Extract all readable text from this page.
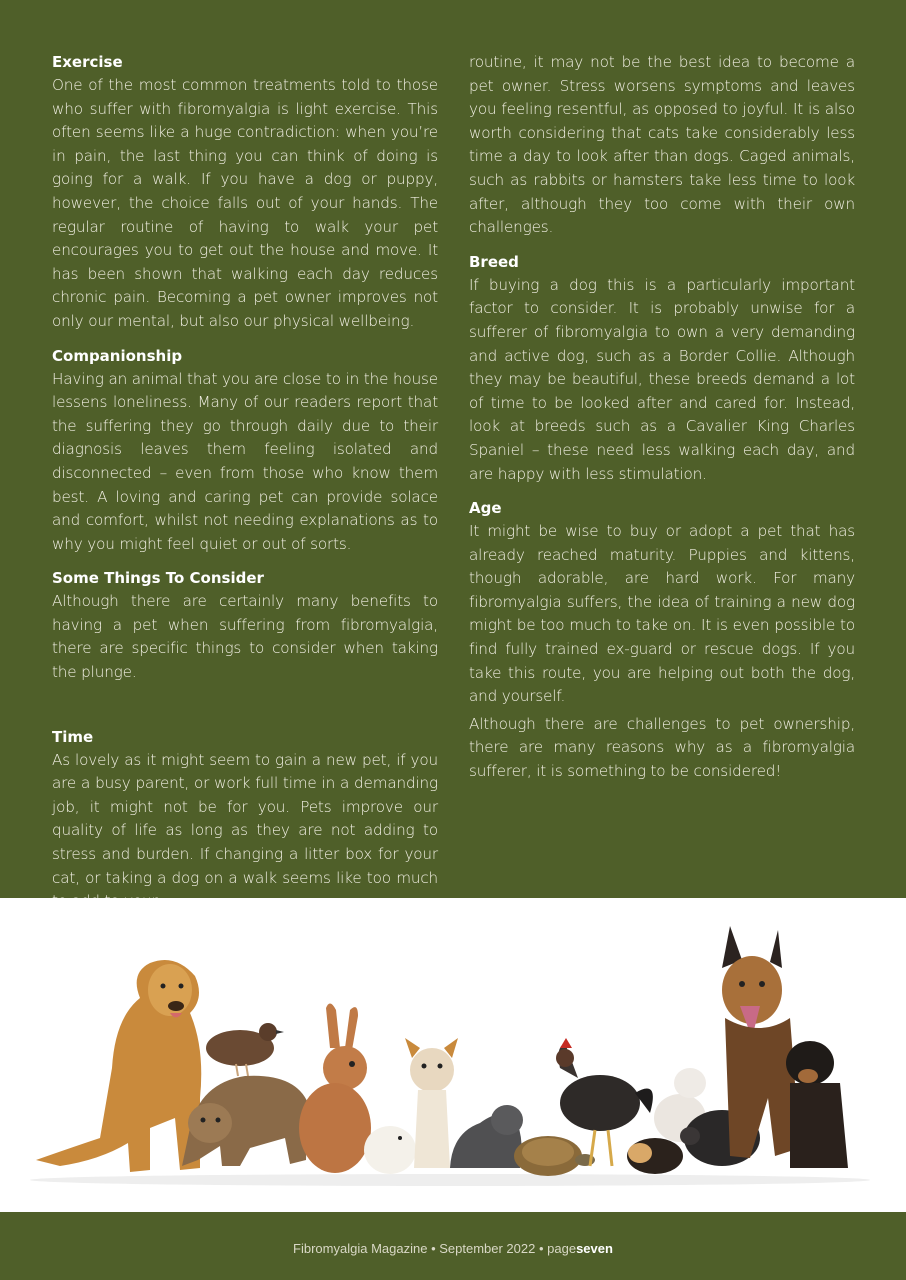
Exercise

One of the most common treatments told to those who suffer with fibromyalgia is light exercise. This often seems like a huge contradiction: when you’re in pain, the last thing you can think of doing is going for a walk. If you have a dog or puppy, however, the choice falls out of your hands. The regular routine of having to walk your pet encourages you to get out the house and move. It has been shown that walking each day reduces chronic pain. Becoming a pet owner improves not only our mental, but also our physical wellbeing.

Companionship

Having an animal that you are close to in the house lessens loneliness. Many of our readers report that the suffering they go through daily due to their diagnosis leaves them feeling isolated and disconnected – even from those who know them best. A loving and caring pet can provide solace and comfort, whilst not needing explanations as to why you might feel quiet or out of sorts.

Some Things To Consider

Although there are certainly many benefits to having a pet when suffering from fibromyalgia, there are specific things to consider when taking the plunge.

Time

As lovely as it might seem to gain a new pet, if you are a busy parent, or work full time in a demanding job, it might not be for you. Pets improve our quality of life as long as they are not adding to stress and burden. If changing a litter box for your cat, or taking a dog on a walk seems like too much

routine, it may not be the best idea to become a pet owner. Stress worsens symptoms and leaves you feeling resentful, as opposed to joyful. It is also worth considering that cats take considerably less time a day to look after than dogs. Caged animals, such as rabbits or hamsters take less time to look after, although they too come with their own challenges.

Breed

If buying a dog this is a particularly important factor to consider. It is probably unwise for a sufferer of fibromyalgia to own a very demanding and active dog, such as a Border Collie. Although they may be beautiful, these breeds demand a lot of time to be looked after and cared for. Instead, look at breeds such as a Cavalier King Charles Spaniel – these need less walking each day, and are happy with less stimulation.

Age

It might be wise to buy or adopt a pet that has already reached maturity. Puppies and kittens, though adorable, are hard work. For many fibromyalgia suffers, the idea of training a new dog might be too much to take on. It is even possible to find fully trained ex-guard or rescue dogs. If you take this route, you are helping out both the dog, and yourself.

Although there are challenges to pet ownership, there are many reasons why as a fibromyalgia sufferer, it is something to be considered!

Fibromyalgia Magazine • September 2022 • pageseven
